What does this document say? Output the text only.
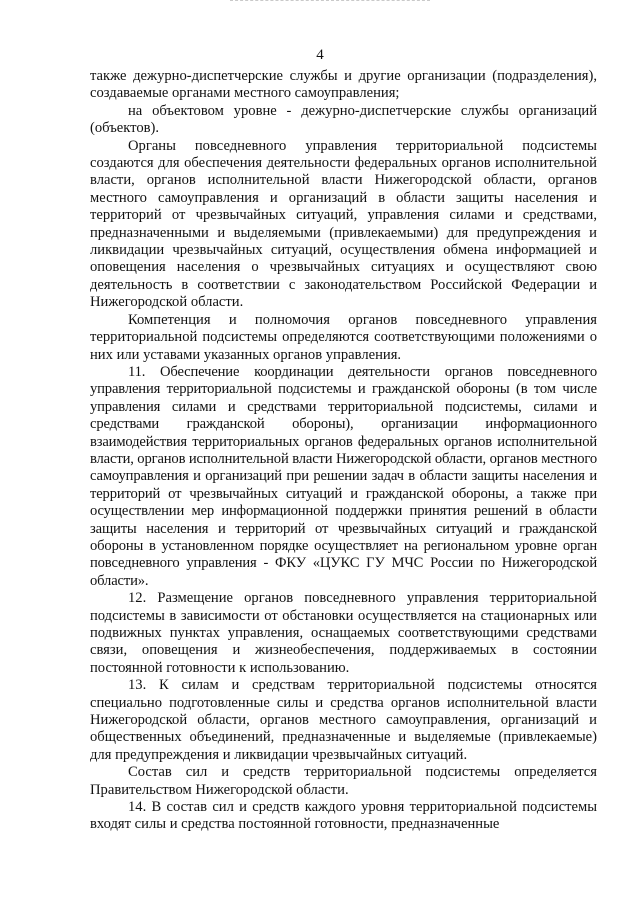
4

также дежурно-диспетчерские службы и другие организации (подразделения), создаваемые органами местного самоуправления;

на объектовом уровне - дежурно-диспетчерские службы организаций (объектов).

Органы повседневного управления территориальной подсистемы создаются для обеспечения деятельности федеральных органов исполнительной власти, органов исполнительной власти Нижегородской области, органов местного самоуправления и организаций в области защиты населения и территорий от чрезвычайных ситуаций, управления силами и средствами, предназначенными и выделяемыми (привлекаемыми) для предупреждения и ликвидации чрезвычайных ситуаций, осуществления обмена информацией и оповещения населения о чрезвычайных ситуациях и осуществляют свою деятельность в соответствии с законодательством Российской Федерации и Нижегородской области.

Компетенция и полномочия органов повседневного управления территориальной подсистемы определяются соответствующими положениями о них или уставами указанных органов управления.

11. Обеспечение координации деятельности органов повседневного управления территориальной подсистемы и гражданской обороны (в том числе управления силами и средствами территориальной подсистемы, силами и средствами гражданской обороны), организации информационного взаимодействия территориальных органов федеральных органов исполнительной власти, органов исполнительной власти Нижегородской области, органов местного самоуправления и организаций при решении задач в области защиты населения и территорий от чрезвычайных ситуаций и гражданской обороны, а также при осуществлении мер информационной поддержки принятия решений в области защиты населения и территорий от чрезвычайных ситуаций и гражданской обороны в установленном порядке осуществляет на региональном уровне орган повседневного управления - ФКУ «ЦУКС ГУ МЧС России по Нижегородской области».

12. Размещение органов повседневного управления территориальной подсистемы в зависимости от обстановки осуществляется на стационарных или подвижных пунктах управления, оснащаемых соответствующими средствами связи, оповещения и жизнеобеспечения, поддерживаемых в состоянии постоянной готовности к использованию.

13. К силам и средствам территориальной подсистемы относятся специально подготовленные силы и средства органов исполнительной власти Нижегородской области, органов местного самоуправления, организаций и общественных объединений, предназначенные и выделяемые (привлекаемые) для предупреждения и ликвидации чрезвычайных ситуаций.

Состав сил и средств территориальной подсистемы определяется Правительством Нижегородской области.

14. В состав сил и средств каждого уровня территориальной подсистемы входят силы и средства постоянной готовности, предназначенные
